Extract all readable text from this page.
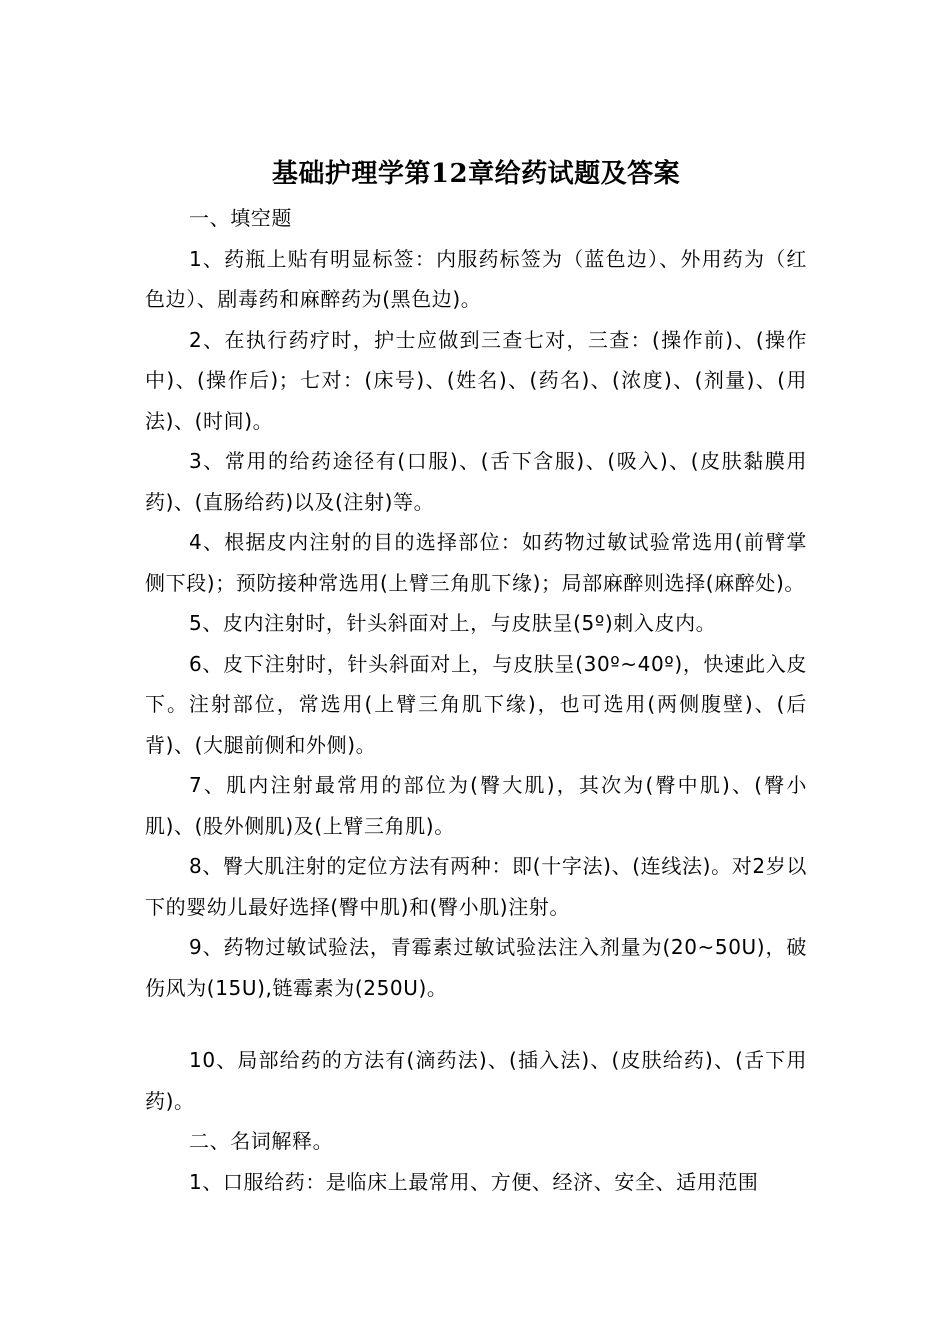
基础护理学第12章给药试题及答案

一、填空题

1、药瓶上贴有明显标签：内服药标签为（蓝色边）、外用药为（红色边）、剧毒药和麻醉药为(黑色边)。

2、在执行药疗时，护士应做到三查七对，三查：(操作前)、(操作中)、(操作后)；七对：(床号)、(姓名)、(药名)、(浓度)、(剂量)、(用法)、(时间)。

3、常用的给药途径有(口服)、(舌下含服)、(吸入)、(皮肤黏膜用药)、(直肠给药)以及(注射)等。

4、根据皮内注射的目的选择部位：如药物过敏试验常选用(前臂掌侧下段)；预防接种常选用(上臂三角肌下缘)；局部麻醉则选择(麻醉处)。

5、皮内注射时，针头斜面对上，与皮肤呈(5º)刺入皮内。

6、皮下注射时，针头斜面对上，与皮肤呈(30º~40º)，快速此入皮下。注射部位，常选用(上臂三角肌下缘)，也可选用(两侧腹壁)、(后背)、(大腿前侧和外侧)。

7、肌内注射最常用的部位为(臀大肌)，其次为(臀中肌)、(臀小肌)、(股外侧肌)及(上臂三角肌)。

8、臀大肌注射的定位方法有两种：即(十字法)、(连线法)。对2岁以下的婴幼儿最好选择(臀中肌)和(臀小肌)注射。

9、药物过敏试验法，青霉素过敏试验法注入剂量为(20~50U)，破伤风为(15U),链霉素为(250U)。

10、局部给药的方法有(滴药法)、(插入法)、(皮肤给药)、(舌下用药)。

二、名词解释。

1、口服给药：是临床上最常用、方便、经济、安全、适用范围
